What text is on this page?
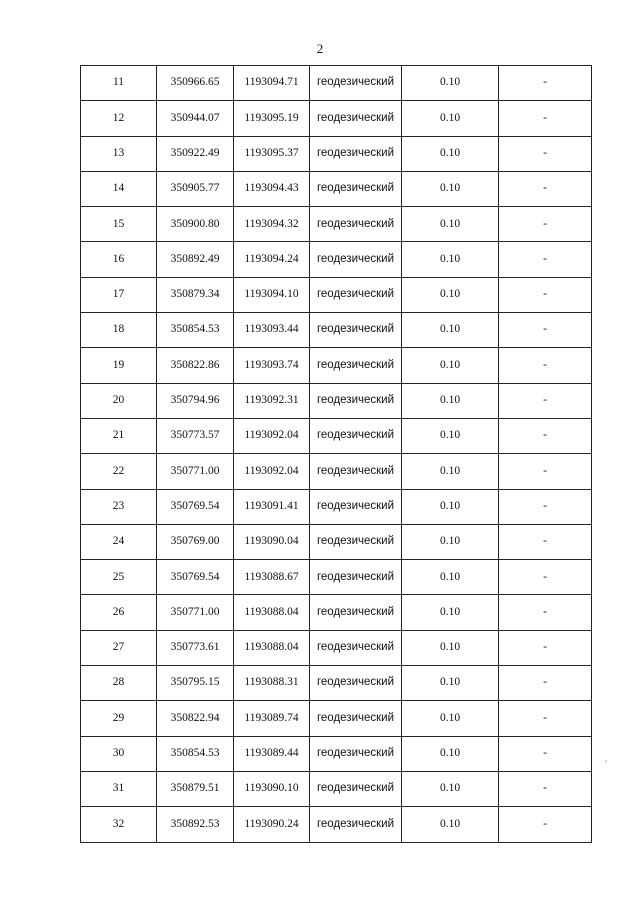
2
11	350966.65	1193094.71	геодезический	0.10	-
12	350944.07	1193095.19	геодезический	0.10	-
13	350922.49	1193095.37	геодезический	0.10	-
14	350905.77	1193094.43	геодезический	0.10	-
15	350900.80	1193094.32	геодезический	0.10	-
16	350892.49	1193094.24	геодезический	0.10	-
17	350879.34	1193094.10	геодезический	0.10	-
18	350854.53	1193093.44	геодезический	0.10	-
19	350822.86	1193093.74	геодезический	0.10	-
20	350794.96	1193092.31	геодезический	0.10	-
21	350773.57	1193092.04	геодезический	0.10	-
22	350771.00	1193092.04	геодезический	0.10	-
23	350769.54	1193091.41	геодезический	0.10	-
24	350769.00	1193090.04	геодезический	0.10	-
25	350769.54	1193088.67	геодезический	0.10	-
26	350771.00	1193088.04	геодезический	0.10	-
27	350773.61	1193088.04	геодезический	0.10	-
28	350795.15	1193088.31	геодезический	0.10	-
29	350822.94	1193089.74	геодезический	0.10	-
30	350854.53	1193089.44	геодезический	0.10	-
31	350879.51	1193090.10	геодезический	0.10	-
32	350892.53	1193090.24	геодезический	0.10	-
›
